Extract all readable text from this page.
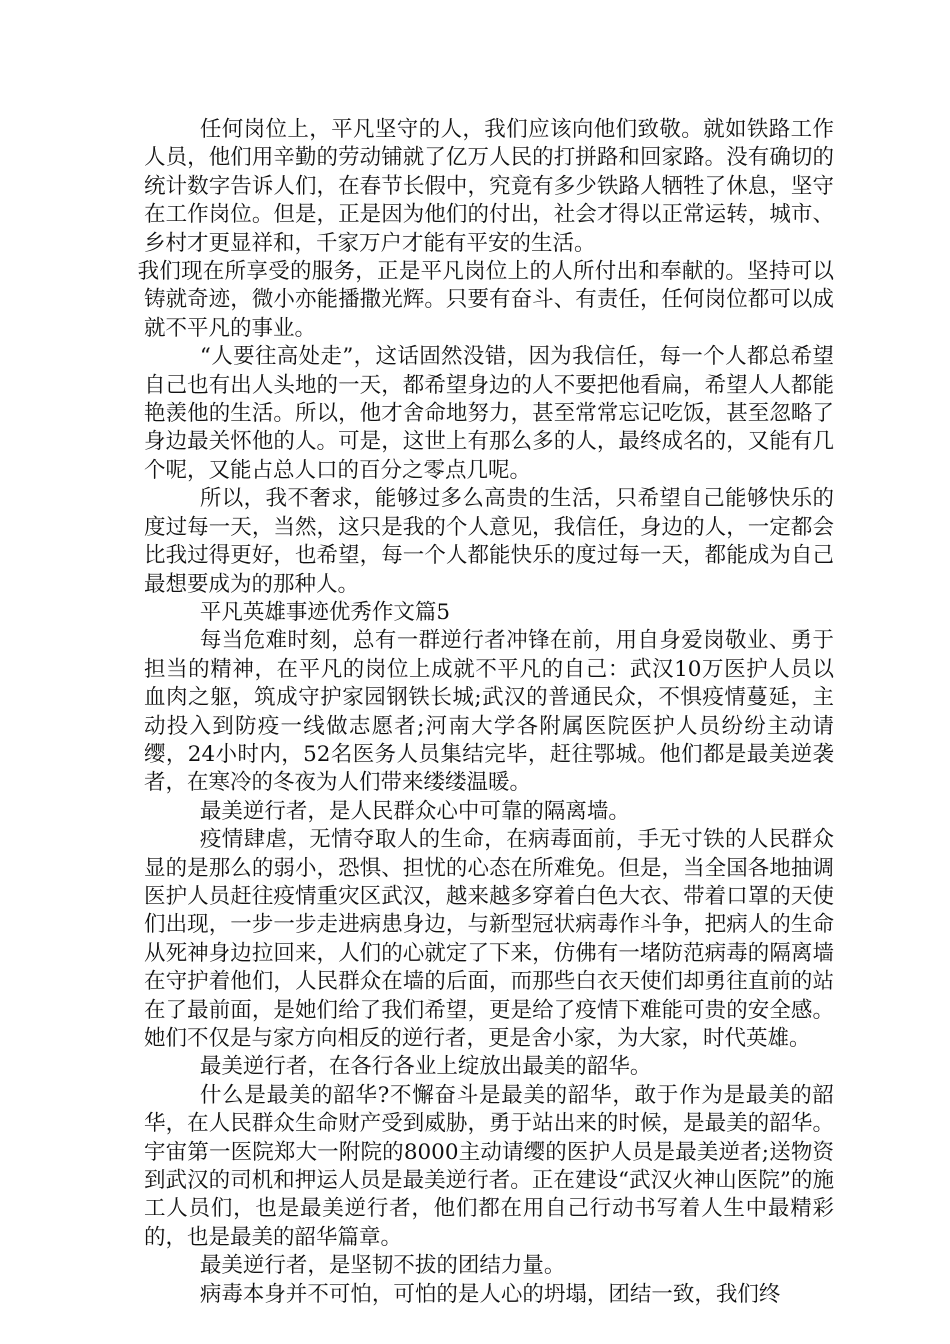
任何岗位上，平凡坚守的人，我们应该向他们致敬。就如铁路工作人员，他们用辛勤的劳动铺就了亿万人民的打拼路和回家路。没有确切的统计数字告诉人们，在春节长假中，究竟有多少铁路人牺牲了休息，坚守在工作岗位。但是，正是因为他们的付出，社会才得以正常运转，城市、乡村才更显祥和，千家万户才能有平安的生活。

我们现在所享受的服务，正是平凡岗位上的人所付出和奉献的。坚持可以铸就奇迹，微小亦能播撒光辉。只要有奋斗、有责任，任何岗位都可以成就不平凡的事业。

“人要往高处走”，这话固然没错，因为我信任，每一个人都总希望自己也有出人头地的一天，都希望身边的人不要把他看扁，希望人人都能艳羡他的生活。所以，他才舍命地努力，甚至常常忘记吃饭，甚至忽略了身边最关怀他的人。可是，这世上有那么多的人，最终成名的，又能有几个呢，又能占总人口的百分之零点几呢。

所以，我不奢求，能够过多么高贵的生活，只希望自己能够快乐的度过每一天，当然，这只是我的个人意见，我信任，身边的人，一定都会比我过得更好，也希望，每一个人都能快乐的度过每一天，都能成为自己最想要成为的那种人。

平凡英雄事迹优秀作文篇5

每当危难时刻，总有一群逆行者冲锋在前，用自身爱岗敬业、勇于担当的精神，在平凡的岗位上成就不平凡的自己：武汉10万医护人员以血肉之躯，筑成守护家园钢铁长城;武汉的普通民众，不惧疫情蔓延，主动投入到防疫一线做志愿者;河南大学各附属医院医护人员纷纷主动请缨，24小时内，52名医务人员集结完毕，赶往鄂城。他们都是最美逆袭者，在寒冷的冬夜为人们带来缕缕温暖。

最美逆行者，是人民群众心中可靠的隔离墙。

疫情肆虐，无情夺取人的生命，在病毒面前，手无寸铁的人民群众显的是那么的弱小，恐惧、担忧的心态在所难免。但是，当全国各地抽调医护人员赶往疫情重灾区武汉，越来越多穿着白色大衣、带着口罩的天使们出现，一步一步走进病患身边，与新型冠状病毒作斗争，把病人的生命从死神身边拉回来，人们的心就定了下来，仿佛有一堵防范病毒的隔离墙在守护着他们，人民群众在墙的后面，而那些白衣天使们却勇往直前的站在了最前面，是她们给了我们希望，更是给了疫情下难能可贵的安全感。她们不仅是与家方向相反的逆行者，更是舍小家，为大家，时代英雄。

最美逆行者，在各行各业上绽放出最美的韶华。

什么是最美的韶华?不懈奋斗是最美的韶华，敢于作为是最美的韶华，在人民群众生命财产受到威胁，勇于站出来的时候，是最美的韶华。宇宙第一医院郑大一附院的8000主动请缨的医护人员是最美逆者;送物资到武汉的司机和押运人员是最美逆行者。正在建设“武汉火神山医院”的施工人员们，也是最美逆行者，他们都在用自己行动书写着人生中最精彩的，也是最美的韶华篇章。

最美逆行者，是坚韧不拔的团结力量。

病毒本身并不可怕，可怕的是人心的坍塌，团结一致，我们终
